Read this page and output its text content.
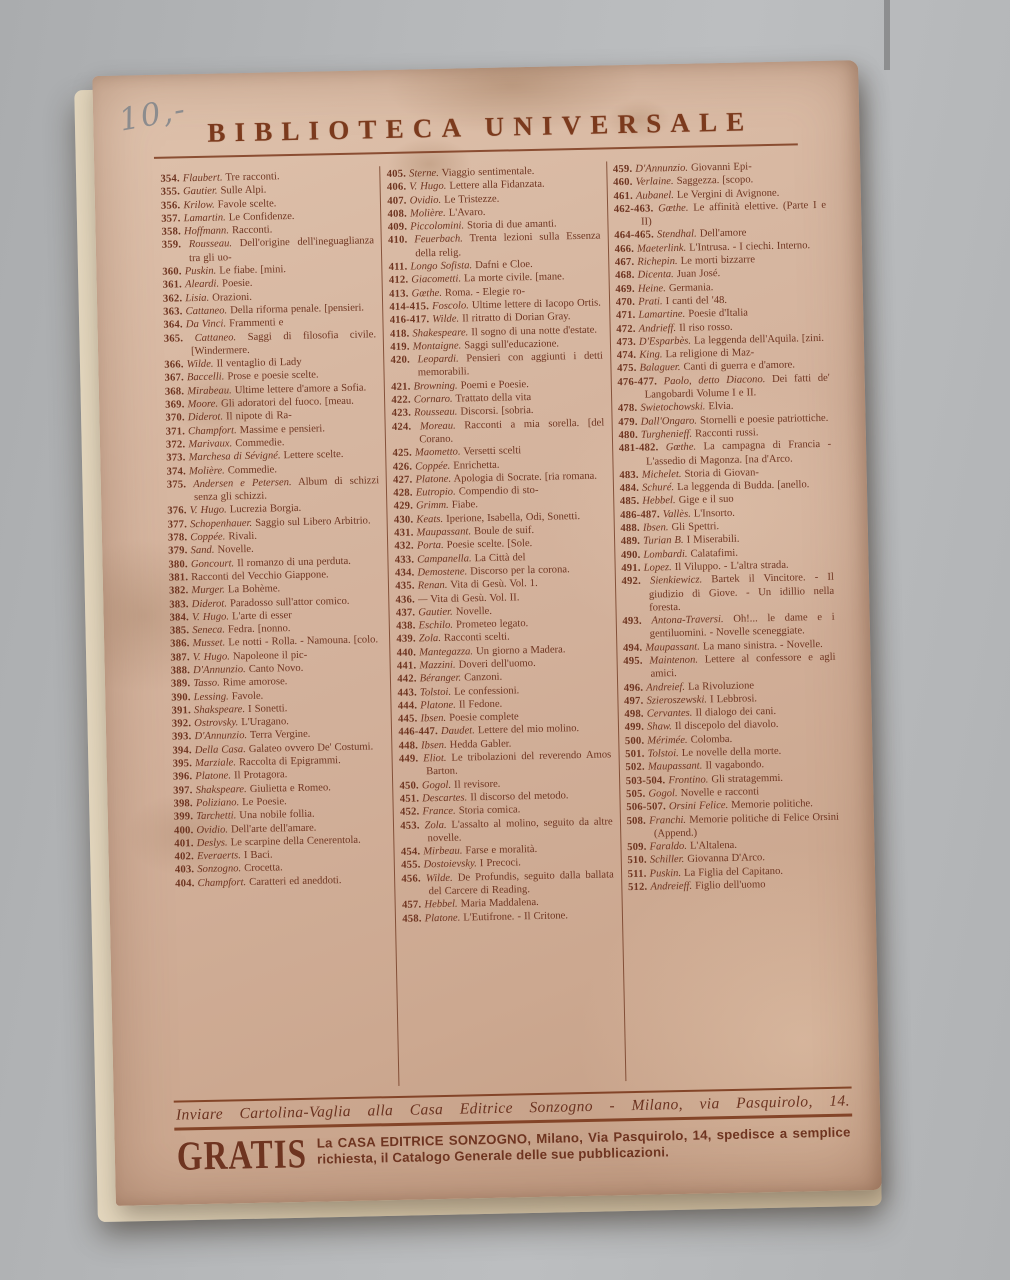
10,- BIBLIOTECA UNIVERSALE
354. Flaubert. Tre racconti.
355. Gautier. Sulle Alpi.
356. Krilow. Favole scelte.
357. Lamartin. Le Confidenze.
358. Hoffmann. Racconti.
359. Rousseau. Dell'origine dell'ineguaglianza tra gli uo-
360. Puskin. Le fiabe. [mini.
361. Aleardi. Poesie.
362. Lisia. Orazioni.
363. Cattaneo. Della riforma penale. [pensieri.
364. Da Vinci. Frammenti e
365. Cattaneo. Saggi di filosofia civile. [Windermere.
366. Wilde. Il ventaglio di Lady
367. Baccelli. Prose e poesie scelte.
368. Mirabeau. Ultime lettere d'amore a Sofia.
369. Moore. Gli adoratori del fuoco. [meau.
370. Diderot. Il nipote di Ra-
371. Champfort. Massime e pensieri.
372. Marivaux. Commedie.
373. Marchesa di Sévigné. Lettere scelte.
374. Molière. Commedie.
375. Andersen e Petersen. Album di schizzi senza gli schizzi.
376. V. Hugo. Lucrezia Borgia.
377. Schopenhauer. Saggio sul Libero Arbitrio.
378. Coppée. Rivali.
379. Sand. Novelle.
380. Goncourt. Il romanzo di una perduta.
381. Racconti del Vecchio Giappone.
382. Murger. La Bohème.
383. Diderot. Paradosso sull'attor comico.
384. V. Hugo. L'arte di esser
385. Seneca. Fedra. [nonno.
386. Musset. Le notti - Rolla. - Namouna. [colo.
387. V. Hugo. Napoleone il pic-
388. D'Annunzio. Canto Novo.
389. Tasso. Rime amorose.
390. Lessing. Favole.
391. Shakspeare. I Sonetti.
392. Ostrovsky. L'Uragano.
393. D'Annunzio. Terra Vergine.
394. Della Casa. Galateo ovvero De' Costumi.
395. Marziale. Raccolta di Epigrammi.
396. Platone. Il Protagora.
397. Shakspeare. Giulietta e Romeo.
398. Poliziano. Le Poesie.
399. Tarchetti. Una nobile follia.
400. Ovidio. Dell'arte dell'amare.
401. Deslys. Le scarpine della Cenerentola.
402. Everaerts. I Baci.
403. Sonzogno. Crocetta.
404. Champfort. Caratteri ed aneddoti.
405. Sterne. Viaggio sentimentale.
406. V. Hugo. Lettere alla Fidanzata.
407. Ovidio. Le Tristezze.
408. Molière. L'Avaro.
409. Piccolomini. Storia di due amanti.
410. Feuerbach. Trenta lezioni sulla Essenza della relig.
411. Longo Sofista. Dafni e Cloe.
412. Giacometti. La morte civile. [mane.
413. Gœthe. Roma. - Elegie ro-
414-415. Foscolo. Ultime lettere di Iacopo Ortis.
416-417. Wilde. Il ritratto di Dorian Gray.
418. Shakespeare. Il sogno di una notte d'estate.
419. Montaigne. Saggi sull'educazione.
420. Leopardi. Pensieri con aggiunti i detti memorabili.
421. Browning. Poemi e Poesie.
422. Cornaro. Trattato della vita
423. Rousseau. Discorsi. [sobria.
424. Moreau. Racconti a mia sorella. [del Corano.
425. Maometto. Versetti scelti
426. Coppée. Enrichetta.
427. Platone. Apologia di Socrate. [ria romana.
428. Eutropio. Compendio di sto-
429. Grimm. Fiabe.
430. Keats. Iperione, Isabella, Odi, Sonetti.
431. Maupassant. Boule de suif.
432. Porta. Poesie scelte. [Sole.
433. Campanella. La Città del
434. Demostene. Discorso per la corona.
435. Renan. Vita di Gesù. Vol. 1.
436. — Vita di Gesù. Vol. II.
437. Gautier. Novelle.
438. Eschilo. Prometeo legato.
439. Zola. Racconti scelti.
440. Mantegazza. Un giorno a Madera.
441. Mazzini. Doveri dell'uomo.
442. Béranger. Canzoni.
443. Tolstoi. Le confessioni.
444. Platone. Il Fedone.
445. Ibsen. Poesie complete
446-447. Daudet. Lettere del mio molino.
448. Ibsen. Hedda Gabler.
449. Eliot. Le tribolazioni del reverendo Amos Barton.
450. Gogol. Il revisore.
451. Descartes. Il discorso del metodo.
452. France. Storia comica.
453. Zola. L'assalto al molino, seguito da altre novelle.
454. Mirbeau. Farse e moralità.
455. Dostoievsky. I Precoci.
456. Wilde. De Profundis, seguito dalla ballata del Carcere di Reading.
457. Hebbel. Maria Maddalena.
458. Platone. L'Eutifrone. - Il Critone.
459. D'Annunzio. Giovanni Epi-
460. Verlaine. Saggezza. [scopo.
461. Aubanel. Le Vergini di Avignone.
462-463. Gœthe. Le affinità elettive. (Parte I e II)
464-465. Stendhal. Dell'amore
466. Maeterlink. L'Intrusa. - I ciechi. Interno.
467. Richepin. Le morti bizzarre
468. Dicenta. Juan José.
469. Heine. Germania.
470. Prati. I canti del '48.
471. Lamartine. Poesie d'Italia
472. Andrieff. Il riso rosso.
473. D'Esparbès. La leggenda dell'Aquila. [zini.
474. King. La religione di Maz-
475. Balaguer. Canti di guerra e d'amore.
476-477. Paolo, detto Diacono. Dei fatti de' Langobardi Volume I e II.
478. Swietochowski. Elvia.
479. Dall'Ongaro. Stornelli e poesie patriottiche.
480. Turghenieff. Racconti russi.
481-482. Gœthe. La campagna di Francia - L'assedio di Magonza. [na d'Arco.
483. Michelet. Storia di Giovan-
484. Schuré. La leggenda di Budda. [anello.
485. Hebbel. Gige e il suo
486-487. Vallès. L'Insorto.
488. Ibsen. Gli Spettri.
489. Turian B. I Miserabili.
490. Lombardi. Calatafimi.
491. Lopez. Il Viluppo. - L'altra strada.
492. Sienkiewicz. Bartek il Vincitore. - Il giudizio di Giove. - Un idillio nella foresta.
493. Antona-Traversi. Oh!... le dame e i gentiluomini. - Novelle sceneggiate.
494. Maupassant. La mano sinistra. - Novelle.
495. Maintenon. Lettere al confessore e agli amici.
496. Andreief. La Rivoluzione
497. Szieroszewski. I Lebbrosi.
498. Cervantes. Il dialogo dei cani.
499. Shaw. Il discepolo del diavolo.
500. Mérimée. Colomba.
501. Tolstoi. Le novelle della morte.
502. Maupassant. Il vagabondo.
503-504. Frontino. Gli stratagemmi.
505. Gogol. Novelle e racconti
506-507. Orsini Felice. Memorie politiche.
508. Franchi. Memorie politiche di Felice Orsini (Append.)
509. Faraldo. L'Altalena.
510. Schiller. Giovanna D'Arco.
511. Puskin. La Figlia del Capitano.
512. Andreieff. Figlio dell'uomo
Inviare Cartolina-Vaglia alla Casa Editrice Sonzogno - Milano, via Pasquirolo, 14.
GRATIS La CASA EDITRICE SONZOGNO, Milano, Via Pasquirolo, 14, spedisce a semplice richiesta, il Catalogo Generale delle sue pubblicazioni.
